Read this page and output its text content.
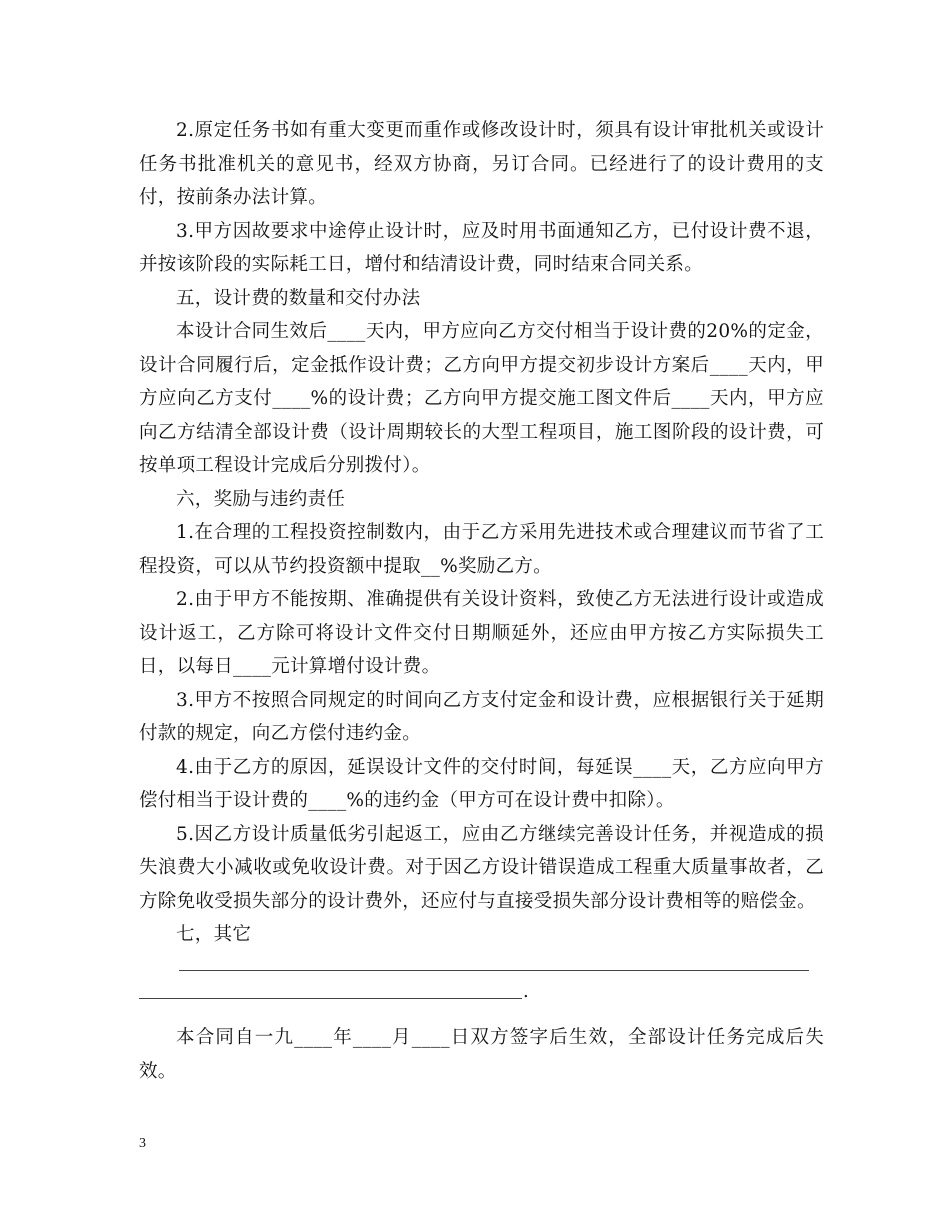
2.原定任务书如有重大变更而重作或修改设计时，须具有设计审批机关或设计任务书批准机关的意见书，经双方协商，另订合同。已经进行了的设计费用的支付，按前条办法计算。

3.甲方因故要求中途停止设计时，应及时用书面通知乙方，已付设计费不退，并按该阶段的实际耗工日，增付和结清设计费，同时结束合同关系。

五，设计费的数量和交付办法

本设计合同生效后____天内，甲方应向乙方交付相当于设计费的20%的定金，设计合同履行后，定金抵作设计费；乙方向甲方提交初步设计方案后____天内，甲方应向乙方支付____%的设计费；乙方向甲方提交施工图文件后____天内，甲方应向乙方结清全部设计费（设计周期较长的大型工程项目，施工图阶段的设计费，可按单项工程设计完成后分别拨付）。

六，奖励与违约责任

1.在合理的工程投资控制数内，由于乙方采用先进技术或合理建议而节省了工程投资，可以从节约投资额中提取__%奖励乙方。

2.由于甲方不能按期、准确提供有关设计资料，致使乙方无法进行设计或造成设计返工，乙方除可将设计文件交付日期顺延外，还应由甲方按乙方实际损失工日，以每日____元计算增付设计费。

3.甲方不按照合同规定的时间向乙方支付定金和设计费，应根据银行关于延期付款的规定，向乙方偿付违约金。

4.由于乙方的原因，延误设计文件的交付时间，每延误____天，乙方应向甲方偿付相当于设计费的____%的违约金（甲方可在设计费中扣除）。

5.因乙方设计质量低劣引起返工，应由乙方继续完善设计任务，并视造成的损失浪费大小减收或免收设计费。对于因乙方设计错误造成工程重大质量事故者，乙方除免收受损失部分的设计费外，还应付与直接受损失部分设计费相等的赔偿金。

七，其它

.

本合同自一九____年____月____日双方签字后生效，全部设计任务完成后失效。

3
